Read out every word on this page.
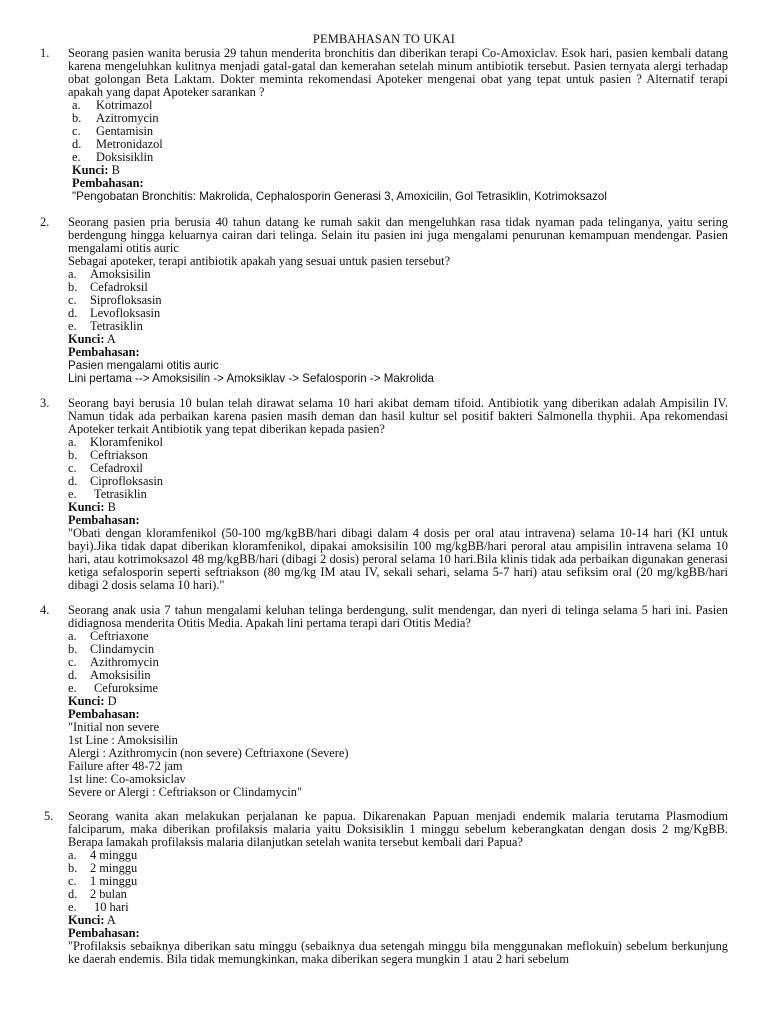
PEMBAHASAN TO UKAI
1. Seorang pasien wanita berusia 29 tahun menderita bronchitis dan diberikan terapi Co-Amoxiclav. Esok hari, pasien kembali datang karena mengeluhkan kulitnya menjadi gatal-gatal dan kemerahan setelah minum antibiotik tersebut. Pasien ternyata alergi terhadap obat golongan Beta Laktam. Dokter meminta rekomendasi Apoteker mengenai obat yang tepat untuk pasien ? Alternatif terapi apakah yang dapat Apoteker sarankan ?
a. Kotrimazol
b. Azitromycin
c. Gentamisin
d. Metronidazol
e. Doksisiklin
Kunci: B
Pembahasan:
"Pengobatan Bronchitis: Makrolida, Cephalosporin Generasi 3, Amoxicilin, Gol Tetrasiklin, Kotrimoksazol
2. Seorang pasien pria berusia 40 tahun datang ke rumah sakit dan mengeluhkan rasa tidak nyaman pada telinganya, yaitu sering berdengung hingga keluarnya cairan dari telinga. Selain itu pasien ini juga mengalami penurunan kemampuan mendengar. Pasien mengalami otitis auric
Sebagai apoteker, terapi antibiotik apakah yang sesuai untuk pasien tersebut?
a. Amoksisilin
b. Cefadroksil
c. Siprofloksasin
d. Levofloksasin
e. Tetrasiklin
Kunci: A
Pembahasan:
Pasien mengalami otitis auric
Lini pertama --> Amoksisilin -> Amoksiklav -> Sefalosporin -> Makrolida
3. Seorang bayi berusia 10 bulan telah dirawat selama 10 hari akibat demam tifoid. Antibiotik yang diberikan adalah Ampisilin IV. Namun tidak ada perbaikan karena pasien masih deman dan hasil kultur sel positif bakteri Salmonella thyphii. Apa rekomendasi Apoteker terkait Antibiotik yang tepat diberikan kepada pasien?
a. Kloramfenikol
b. Ceftriakson
c. Cefadroxil
d. Ciprofloksasin
e. Tetrasiklin
Kunci: B
Pembahasan:
"Obati dengan kloramfenikol (50-100 mg/kgBB/hari dibagi dalam 4 dosis per oral atau intravena) selama 10-14 hari (KI untuk bayi).Jika tidak dapat diberikan kloramfenikol, dipakai amoksisilin 100 mg/kgBB/hari peroral atau ampisilin intravena selama 10 hari, atau kotrimoksazol 48 mg/kgBB/hari (dibagi 2 dosis) peroral selama 10 hari.Bila klinis tidak ada perbaikan digunakan generasi ketiga sefalosporin seperti seftriakson (80 mg/kg IM atau IV, sekali sehari, selama 5-7 hari) atau sefiksim oral (20 mg/kgBB/hari dibagi 2 dosis selama 10 hari)."
4. Seorang anak usia 7 tahun mengalami keluhan telinga berdengung, sulit mendengar, dan nyeri di telinga selama 5 hari ini. Pasien didiagnosa menderita Otitis Media. Apakah lini pertama terapi dari Otitis Media?
a. Ceftriaxone
b. Clindamycin
c. Azithromycin
d. Amoksisilin
e. Cefuroksime
Kunci: D
Pembahasan:
"Initial non severe
1st Line : Amoksisilin
Alergi : Azithromycin (non severe) Ceftriaxone (Severe)
Failure after 48-72 jam
1st line: Co-amoksiclav
Severe or Alergi : Ceftriakson or Clindamycin"
5. Seorang wanita akan melakukan perjalanan ke papua. Dikarenakan Papuan menjadi endemik malaria terutama Plasmodium falciparum, maka diberikan profilaksis malaria yaitu Doksisiklin 1 minggu sebelum keberangkatan dengan dosis 2 mg/KgBB. Berapa lamakah profilaksis malaria dilanjutkan setelah wanita tersebut kembali dari Papua?
a. 4 minggu
b. 2 minggu
c. 1 minggu
d. 2 bulan
e. 10 hari
Kunci: A
Pembahasan:
"Profilaksis sebaiknya diberikan satu minggu (sebaiknya dua setengah minggu bila menggunakan meflokuin) sebelum berkunjung ke daerah endemis. Bila tidak memungkinkan, maka diberikan segera mungkin 1 atau 2 hari sebelum
